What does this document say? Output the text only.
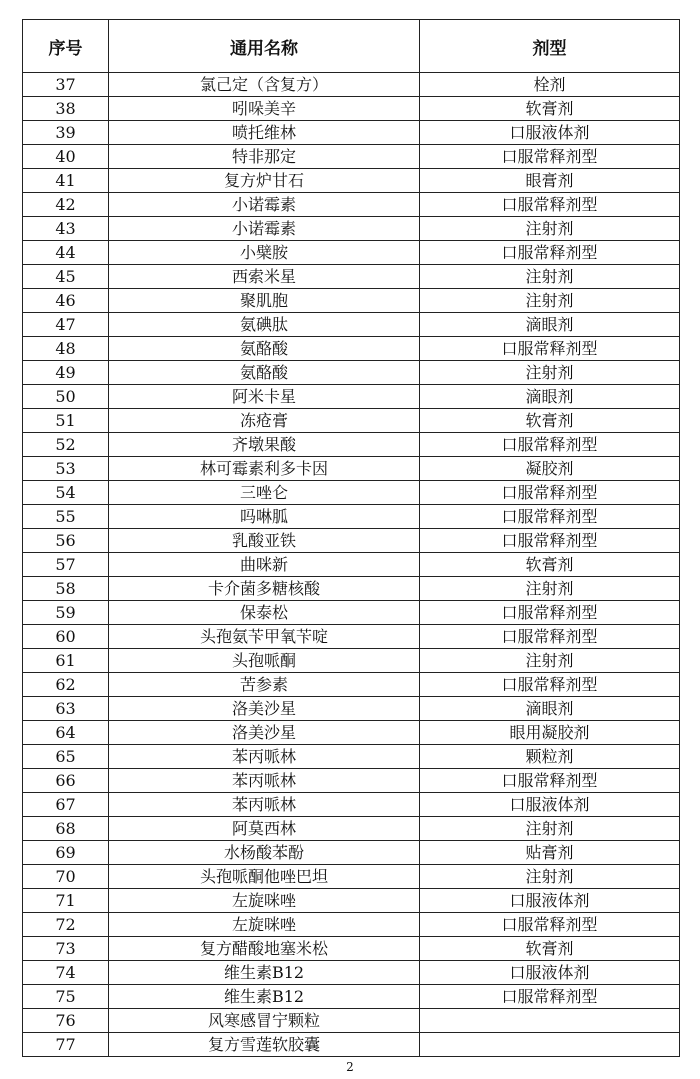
序号	通用名称	剂型
37	氯己定（含复方）	栓剂
38	吲哚美辛	软膏剂
39	喷托维林	口服液体剂
40	特非那定	口服常释剂型
41	复方炉甘石	眼膏剂
42	小诺霉素	口服常释剂型
43	小诺霉素	注射剂
44	小檗胺	口服常释剂型
45	西索米星	注射剂
46	聚肌胞	注射剂
47	氨碘肽	滴眼剂
48	氨酪酸	口服常释剂型
49	氨酪酸	注射剂
50	阿米卡星	滴眼剂
51	冻疮膏	软膏剂
52	齐墩果酸	口服常释剂型
53	林可霉素利多卡因	凝胶剂
54	三唑仑	口服常释剂型
55	吗啉胍	口服常释剂型
56	乳酸亚铁	口服常释剂型
57	曲咪新	软膏剂
58	卡介菌多糖核酸	注射剂
59	保泰松	口服常释剂型
60	头孢氨苄甲氧苄啶	口服常释剂型
61	头孢哌酮	注射剂
62	苦参素	口服常释剂型
63	洛美沙星	滴眼剂
64	洛美沙星	眼用凝胶剂
65	苯丙哌林	颗粒剂
66	苯丙哌林	口服常释剂型
67	苯丙哌林	口服液体剂
68	阿莫西林	注射剂
69	水杨酸苯酚	贴膏剂
70	头孢哌酮他唑巴坦	注射剂
71	左旋咪唑	口服液体剂
72	左旋咪唑	口服常释剂型
73	复方醋酸地塞米松	软膏剂
74	维生素B12	口服液体剂
75	维生素B12	口服常释剂型
76	风寒感冒宁颗粒	
77	复方雪莲软胶囊	
2
